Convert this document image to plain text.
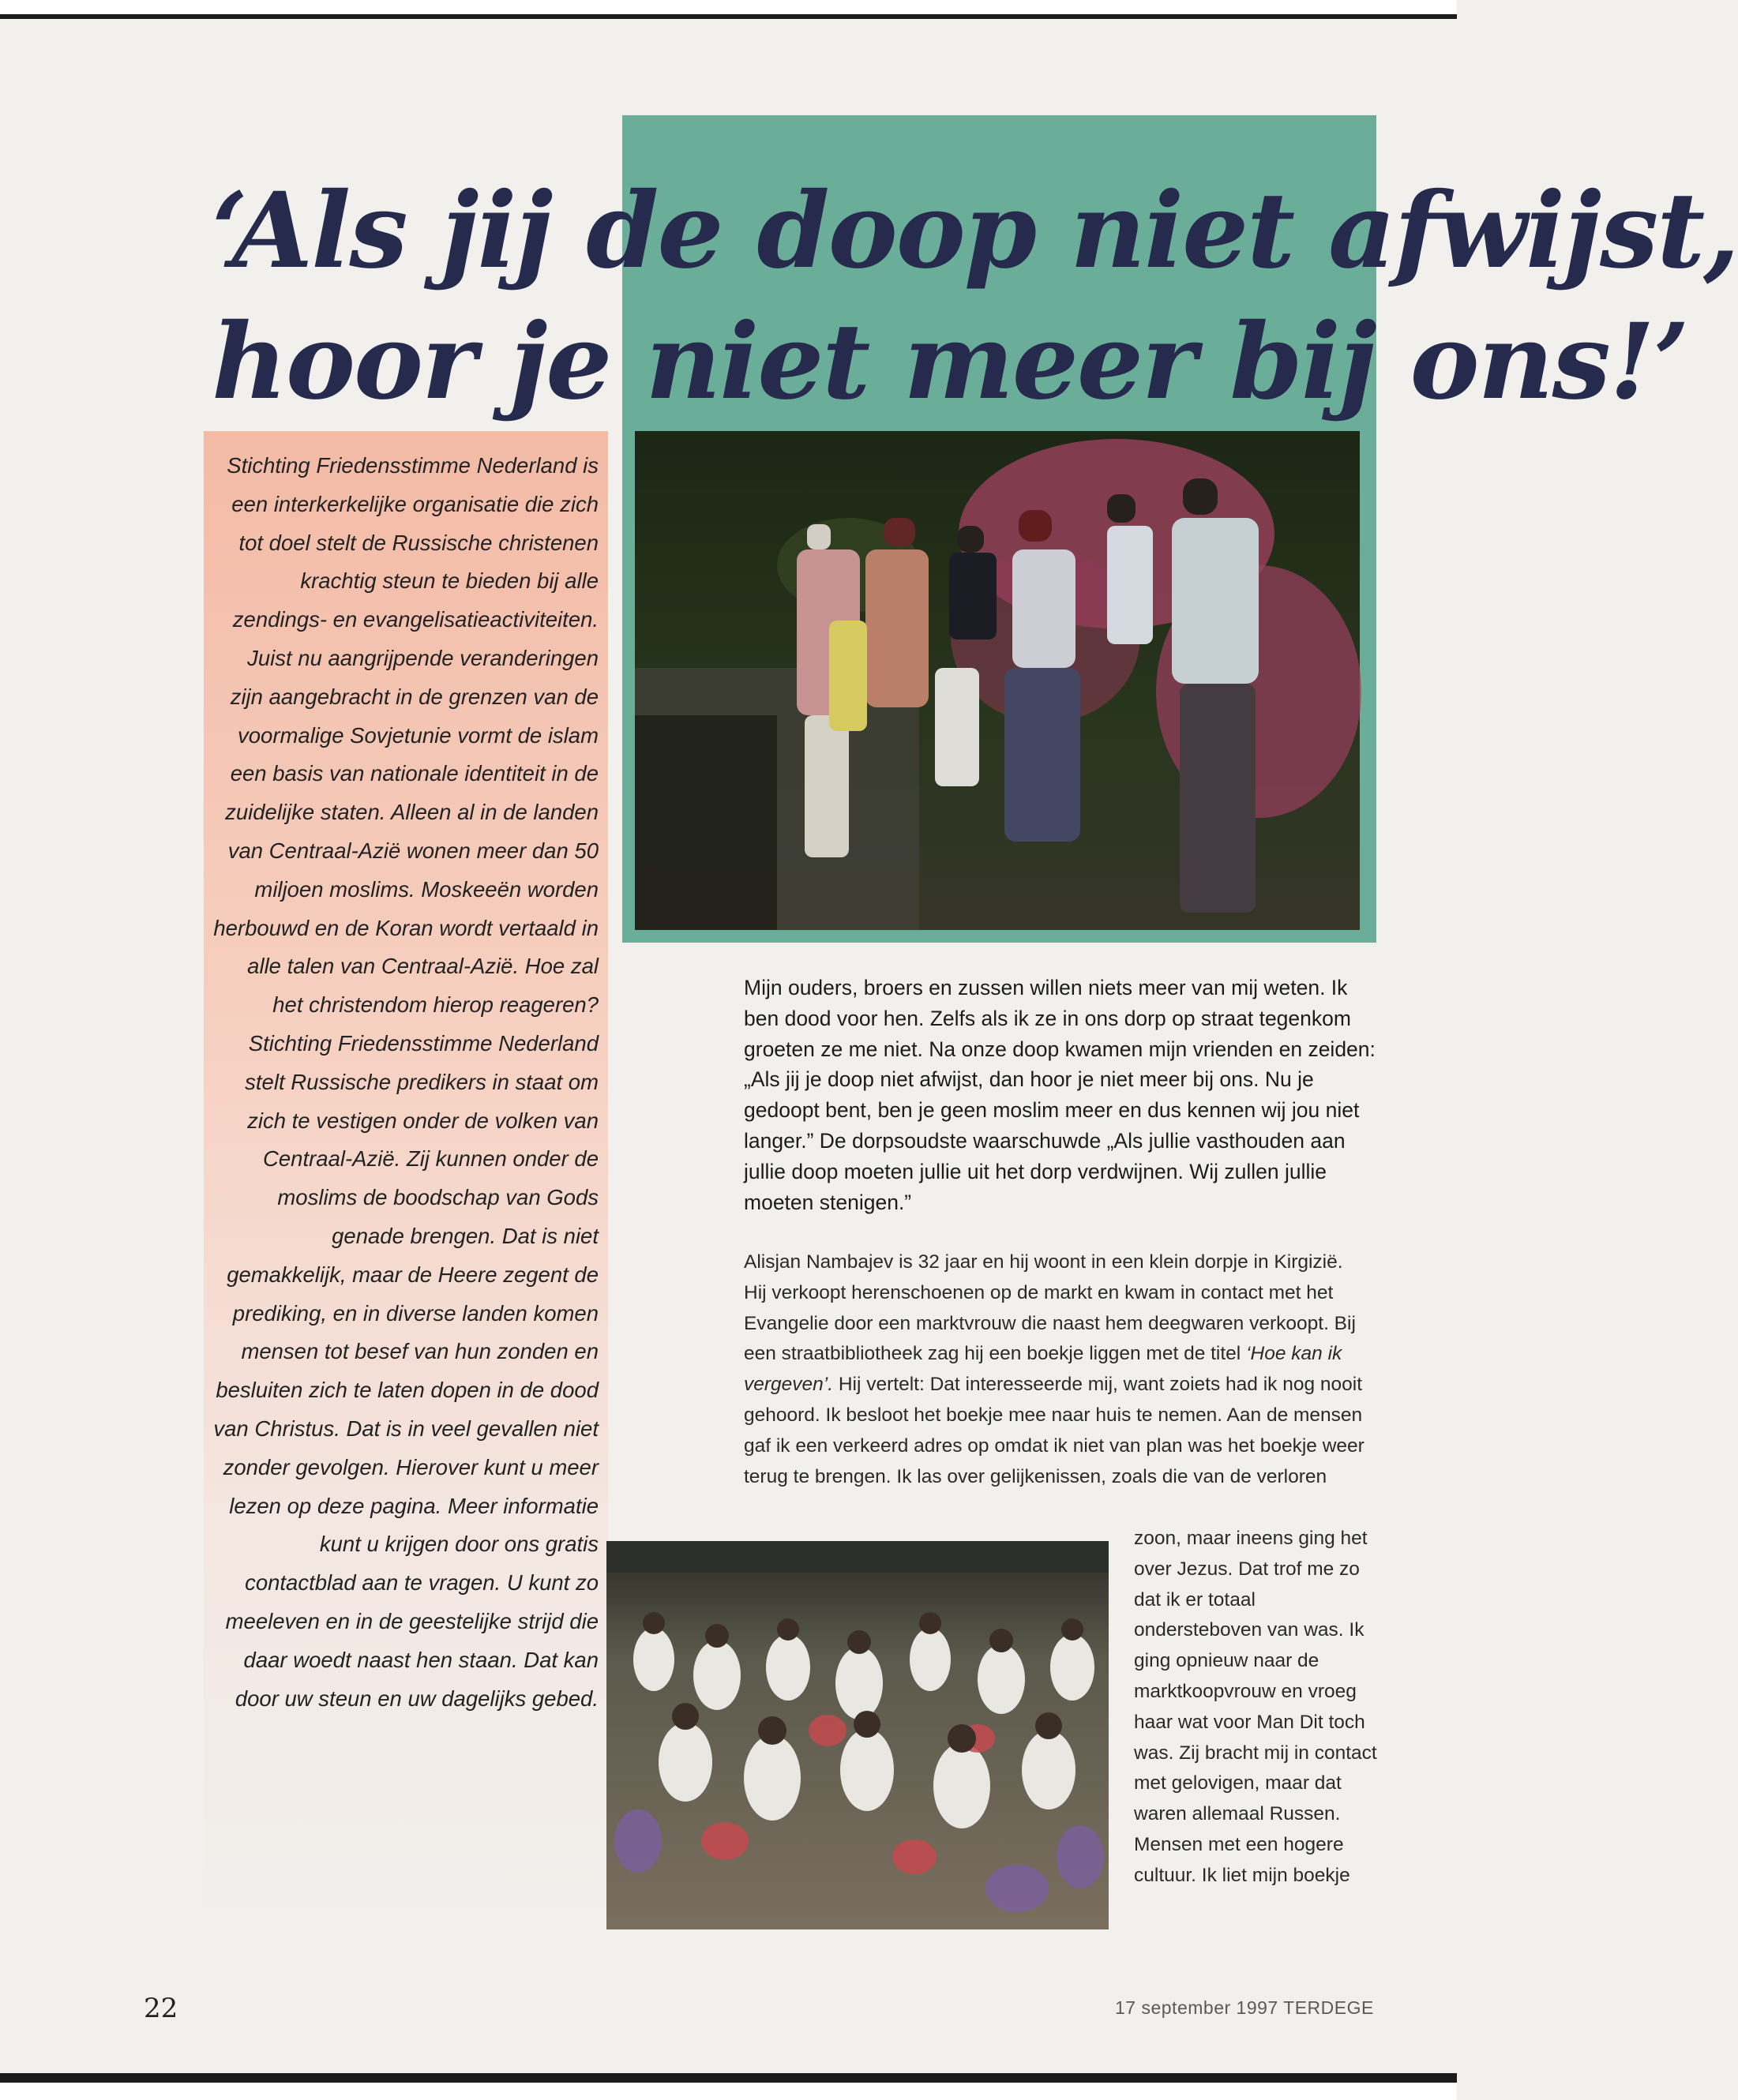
‘Als jij de doop niet afwijst,
hoor je niet meer bij ons!’

Stichting Friedensstimme Nederland is een interkerkelijke organisatie die zich tot doel stelt de Russische christenen krachtig steun te bieden bij alle zendings- en evangelisatieactiviteiten. Juist nu aangrijpende veranderingen zijn aangebracht in de grenzen van de voormalige Sovjetunie vormt de islam een basis van nationale identiteit in de zuidelijke staten. Alleen al in de landen van Centraal-Azië wonen meer dan 50 miljoen moslims. Moskeeën worden herbouwd en de Koran wordt vertaald in alle talen van Centraal-Azië. Hoe zal het christendom hierop reageren? Stichting Friedensstimme Nederland stelt Russische predikers in staat om zich te vestigen onder de volken van Centraal-Azië. Zij kunnen onder de moslims de boodschap van Gods genade brengen. Dat is niet gemakkelijk, maar de Heere zegent de prediking, en in diverse landen komen mensen tot besef van hun zonden en besluiten zich te laten dopen in de dood van Christus. Dat is in veel gevallen niet zonder gevolgen. Hierover kunt u meer lezen op deze pagina. Meer informatie kunt u krijgen door ons gratis contactblad aan te vragen. U kunt zo meeleven en in de geestelijke strijd die daar woedt naast hen staan. Dat kan door uw steun en uw dagelijks gebed.

Mijn ouders, broers en zussen willen niets meer van mij weten. Ik ben dood voor hen. Zelfs als ik ze in ons dorp op straat tegenkom groeten ze me niet. Na onze doop kwamen mijn vrienden en zeiden: „Als jij je doop niet afwijst, dan hoor je niet meer bij ons. Nu je gedoopt bent, ben je geen moslim meer en dus kennen wij jou niet langer.” De dorpsoudste waarschuwde „Als jullie vasthouden aan jullie doop moeten jullie uit het dorp verdwijnen. Wij zullen jullie moeten stenigen.”

Alisjan Nambajev is 32 jaar en hij woont in een klein dorpje in Kirgizië. Hij verkoopt herenschoenen op de markt en kwam in contact met het Evangelie door een marktvrouw die naast hem deegwaren verkoopt. Bij een straatbibliotheek zag hij een boekje liggen met de titel ‘Hoe kan ik vergeven’. Hij vertelt: Dat interesseerde mij, want zoiets had ik nog nooit gehoord. Ik besloot het boekje mee naar huis te nemen. Aan de mensen gaf ik een verkeerd adres op omdat ik niet van plan was het boekje weer terug te brengen. Ik las over gelijkenissen, zoals die van de verloren

zoon, maar ineens ging het over Jezus. Dat trof me zo dat ik er totaal ondersteboven van was. Ik ging opnieuw naar de marktkoopvrouw en vroeg haar wat voor Man Dit toch was. Zij bracht mij in contact met gelovigen, maar dat waren allemaal Russen. Mensen met een hogere cultuur. Ik liet mijn boekje

22	17 september 1997 TERDEGE
